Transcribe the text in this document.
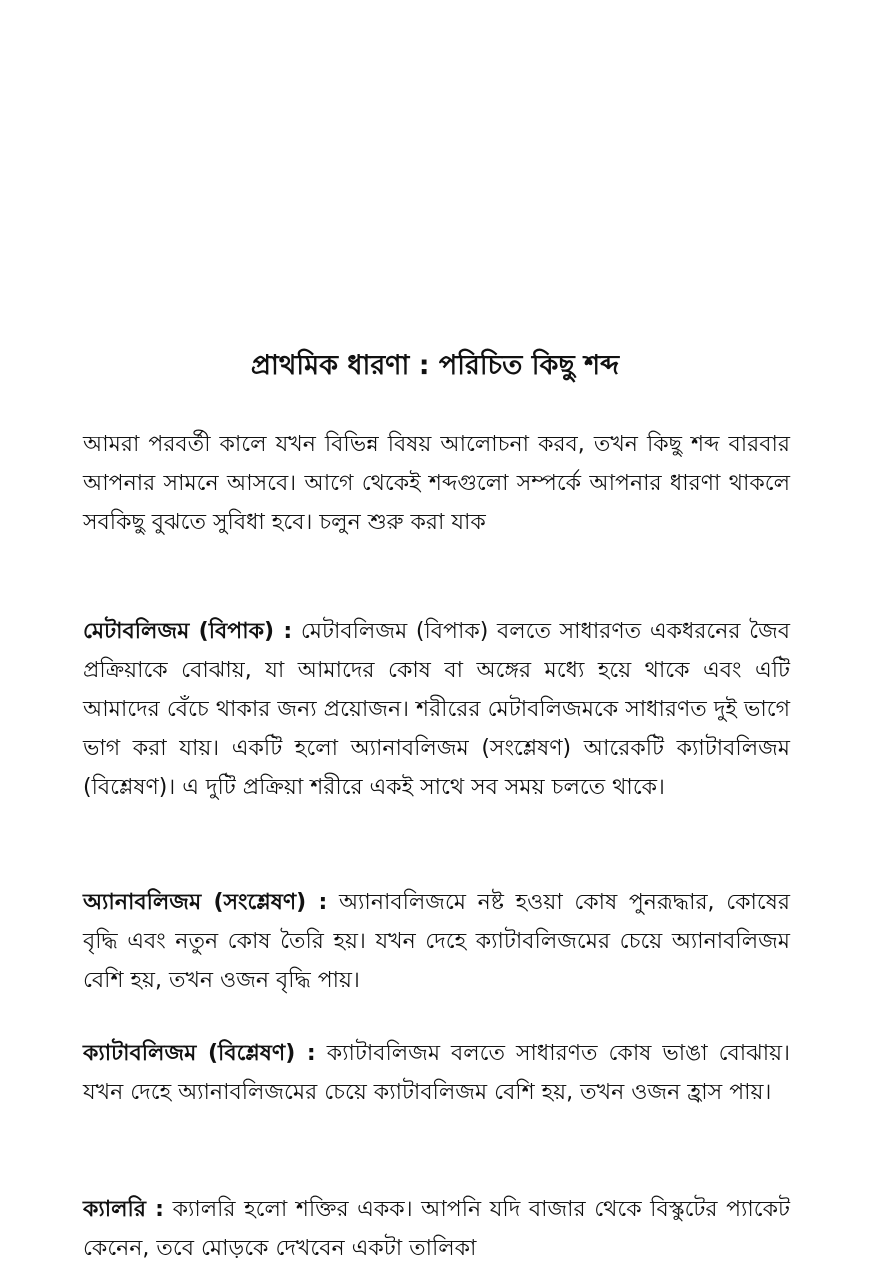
প্রাথমিক ধারণা : পরিচিত কিছু শব্দ

আমরা পরবর্তী কালে যখন বিভিন্ন বিষয় আলোচনা করব, তখন কিছু শব্দ বারবার আপনার সামনে আসবে। আগে থেকেই শব্দগুলো সম্পর্কে আপনার ধারণা থাকলে সবকিছু বুঝতে সুবিধা হবে। চলুন শুরু করা যাক

মেটাবলিজম (বিপাক) : মেটাবলিজম (বিপাক) বলতে সাধারণত একধরনের জৈব প্রক্রিয়াকে বোঝায়, যা আমাদের কোষ বা অঙ্গের মধ্যে হয়ে থাকে এবং এটি আমাদের বেঁচে থাকার জন্য প্রয়োজন। শরীরের মেটাবলিজমকে সাধারণত দুই ভাগে ভাগ করা যায়। একটি হলো অ্যানাবলিজম (সংশ্লেষণ) আরেকটি ক্যাটাবলিজম (বিশ্লেষণ)। এ দুটি প্রক্রিয়া শরীরে একই সাথে সব সময় চলতে থাকে।

অ্যানাবলিজম (সংশ্লেষণ) : অ্যানাবলিজমে নষ্ট হওয়া কোষ পুনরূদ্ধার, কোষের বৃদ্ধি এবং নতুন কোষ তৈরি হয়। যখন দেহে ক্যাটাবলিজমের চেয়ে অ্যানাবলিজম বেশি হয়, তখন ওজন বৃদ্ধি পায়।

ক্যাটাবলিজম (বিশ্লেষণ) : ক্যাটাবলিজম বলতে সাধারণত কোষ ভাঙা বোঝায়। যখন দেহে অ্যানাবলিজমের চেয়ে ক্যাটাবলিজম বেশি হয়, তখন ওজন হ্রাস পায়।

ক্যালরি : ক্যালরি হলো শক্তির একক। আপনি যদি বাজার থেকে বিস্কুটের প্যাকেট কেনেন, তবে মোড়কে দেখবেন একটা তালিকা
